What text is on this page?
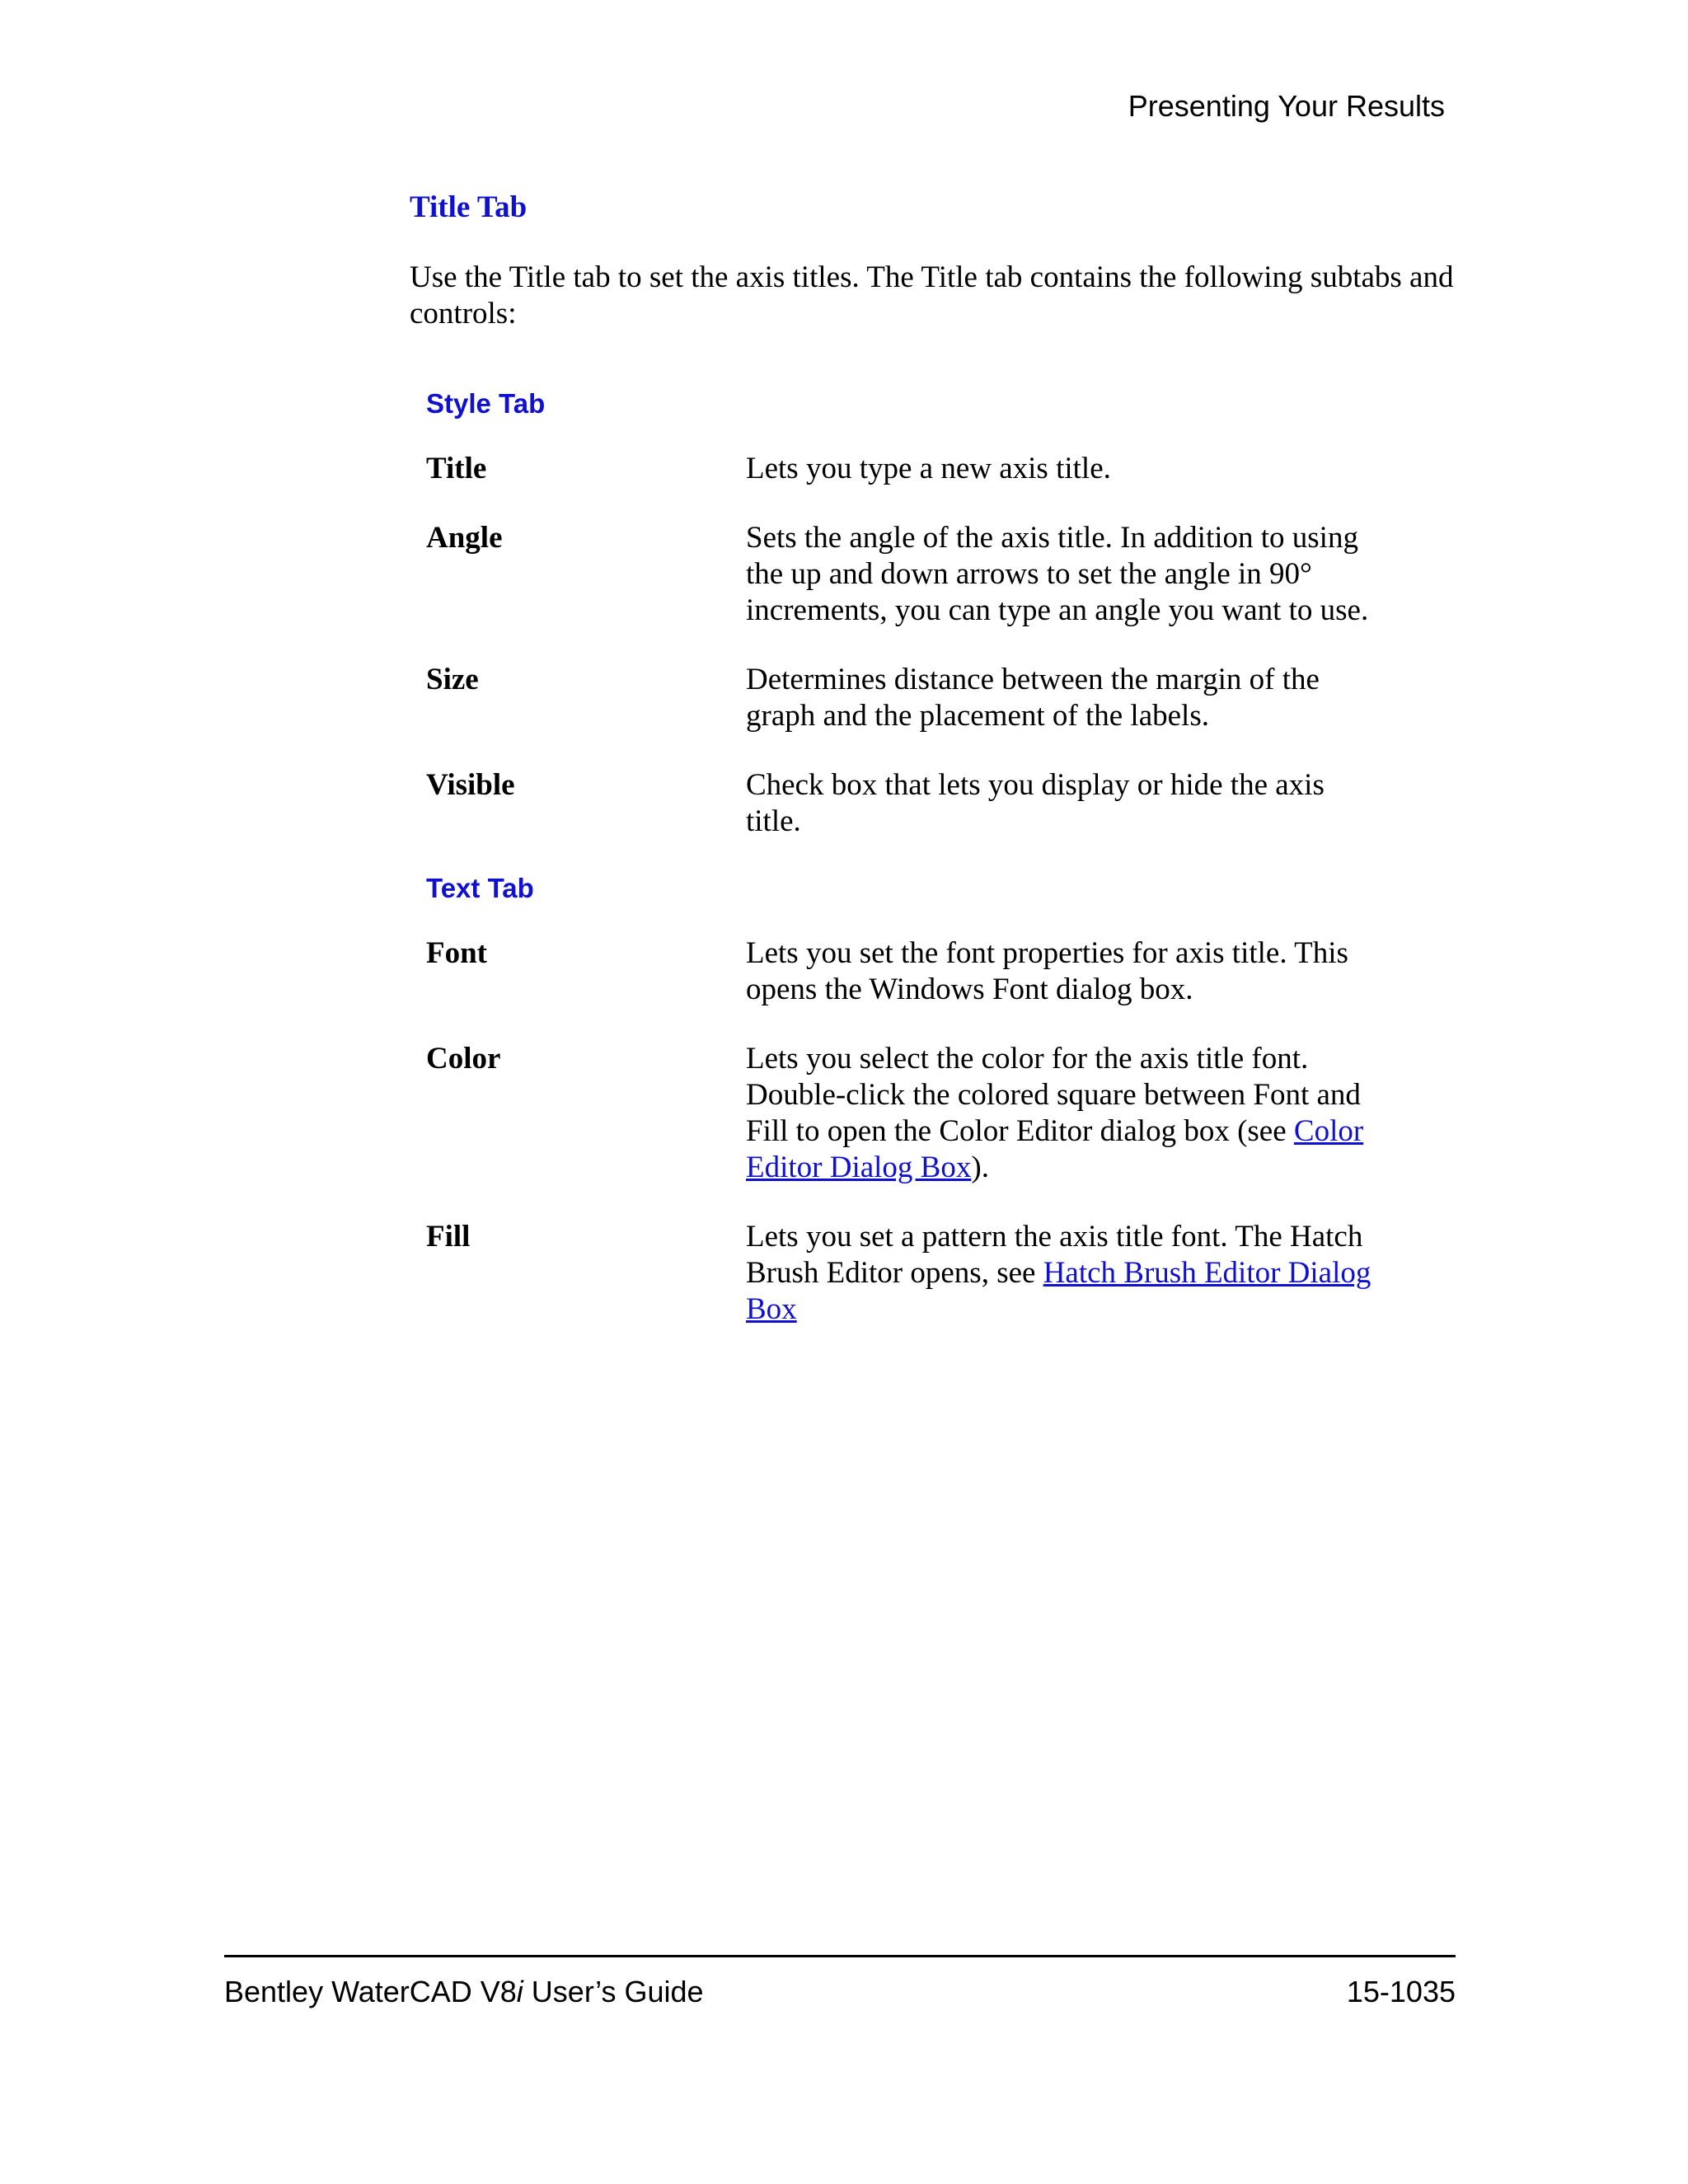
Presenting Your Results
Title Tab

Use the Title tab to set the axis titles. The Title tab contains the following subtabs and controls:

Style Tab
Title	Lets you type a new axis title.
Angle	Sets the angle of the axis title. In addition to using the up and down arrows to set the angle in 90° increments, you can type an angle you want to use.
Size	Determines distance between the margin of the graph and the placement of the labels.
Visible	Check box that lets you display or hide the axis title.
Text Tab
Font	Lets you set the font properties for axis title. This opens the Windows Font dialog box.
Color	Lets you select the color for the axis title font. Double-click the colored square between Font and Fill to open the Color Editor dialog box (see Color Editor Dialog Box).
Fill	Lets you set a pattern the axis title font. The Hatch Brush Editor opens, see Hatch Brush Editor Dialog Box
Bentley WaterCAD V8i User’s Guide	15-1035
